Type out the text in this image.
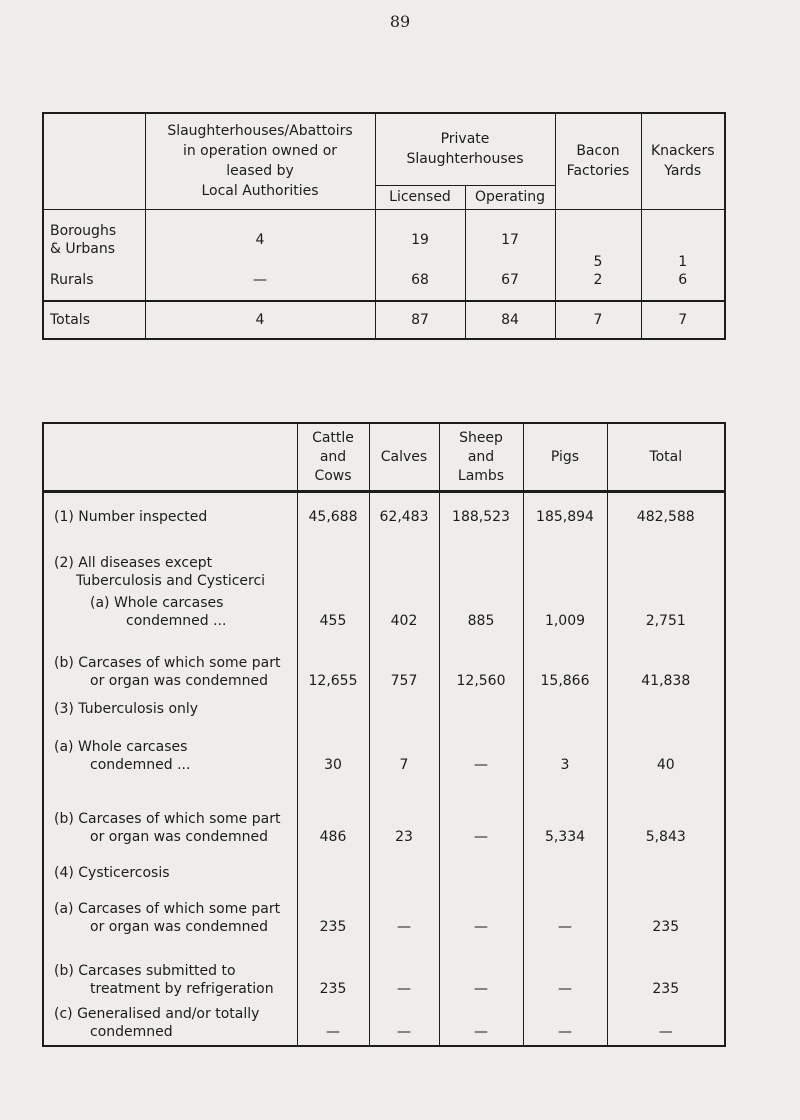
89

	Slaughterhouses/Abattoirs
in operation owned or
leased by
Local Authorities	Private Slaughterhouses		Bacon Factories	Knackers Yards

		Licensed	Operating		

Boroughs & Urbans	4	19	17	5	1
Rurals	—	68	67	2	6
Totals	4	87	84	7	7

	Cattle and Cows	Calves	Sheep and Lambs	Pigs	Total
(1) Number inspected	45,688	62,483	188,523	185,894	482,588

(2) All diseases except Tuberculosis and Cysticerci					

(a) Whole carcases condemned ...	455	402	885	1,009	2,751

(b) Carcases of which some part or organ was condemned	12,655	757	12,560	15,866	41,838
(3) Tuberculosis only					

(a) Whole carcases condemned ...	30	7	—	3	40

(b) Carcases of which some part or organ was condemned	486	23	—	5,334	5,843
(4) Cysticercosis					

(a) Carcases of which some part or organ was condemned	235	—	—	—	235

(b) Carcases submitted to treatment by refrigeration	235	—	—	—	235

(c) Generalised and/or totally condemned	—	—	—	—	—
